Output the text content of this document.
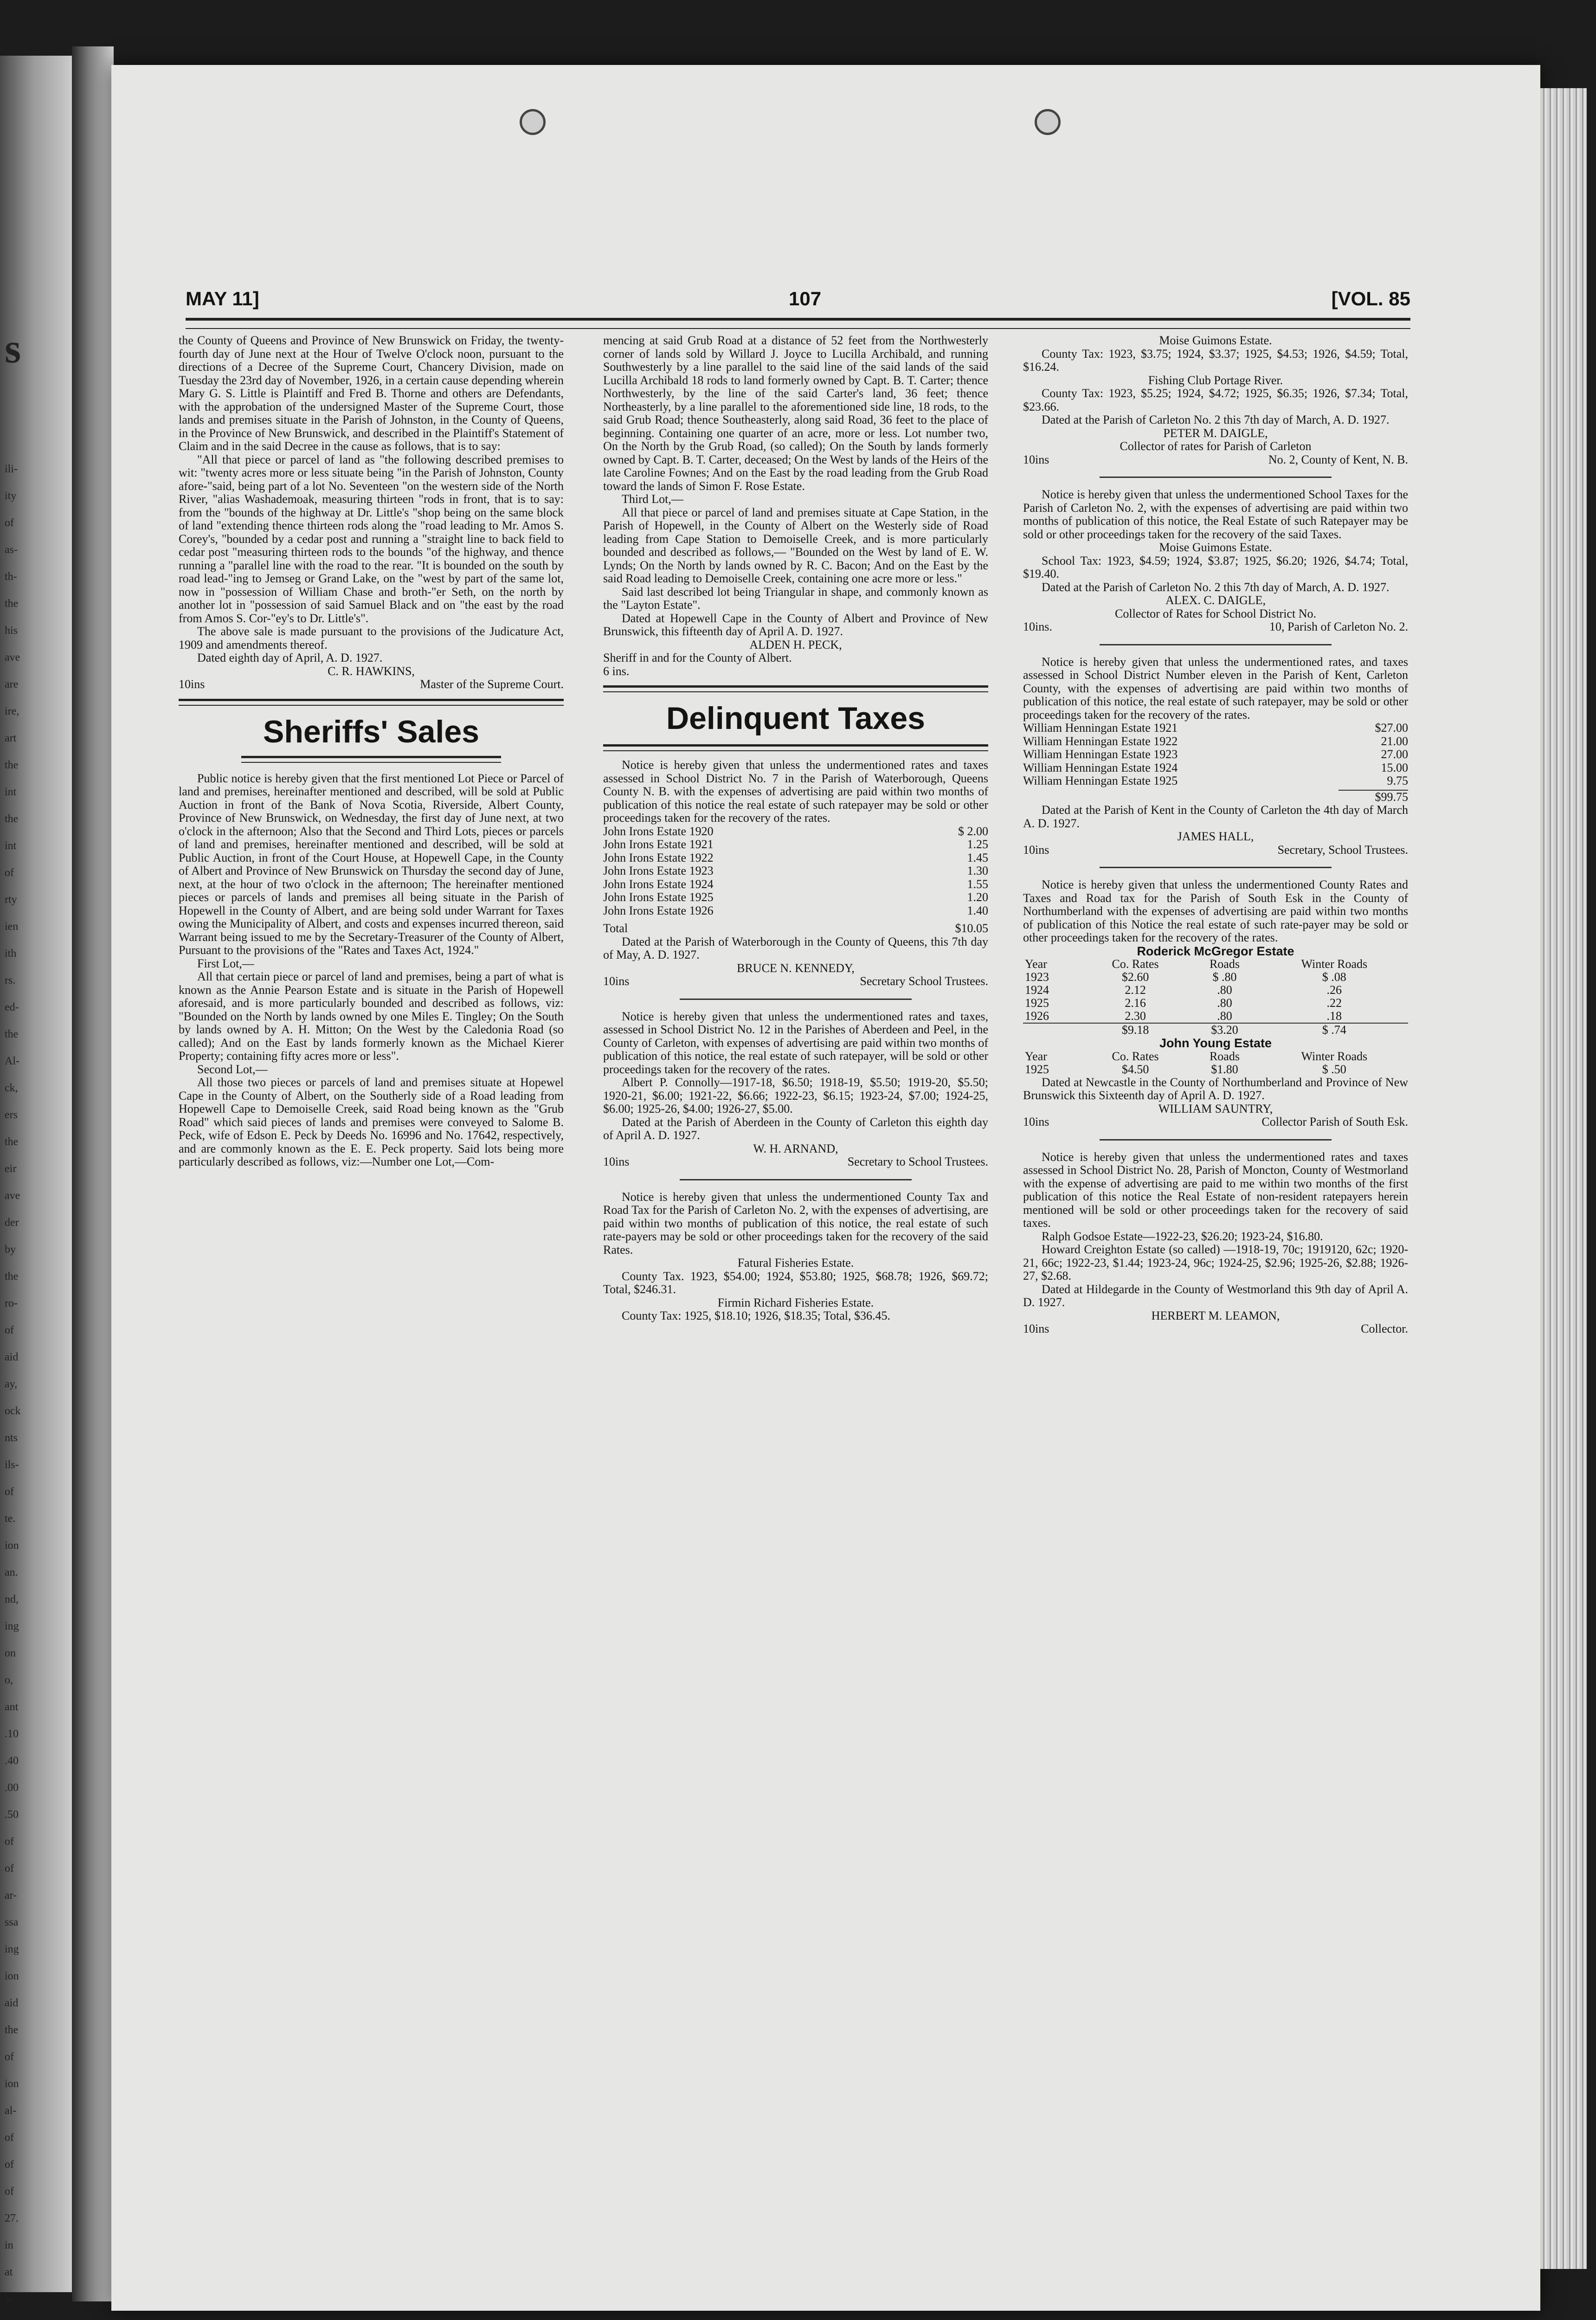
s
ili-
ity
of
as-
th-
the
his
ave
are
ire,
art
the
int
the
int
of
rty
ien
ith
rs.
ed-
the
Al-
ck,
ers
the
eir
ave
der
by
the
ro-
of
aid
ay,
ock
nts
ils-
of
te.
ion
an.
nd,
ing
on
o,
ant
.10
.40
.00
.50
of
of
ar-
ssa
ing
ion
aid
the
of
ion
al-
of
of
of
27.
in
at
ls
MAY 11]	107	[VOL. 85

the County of Queens and Province of New Brunswick on Friday, the twenty-fourth day of June next at the Hour of Twelve O'clock noon, pursuant to the directions of a Decree of the Supreme Court, Chancery Division, made on Tuesday the 23rd day of November, 1926, in a certain cause depending wherein Mary G. S. Little is Plaintiff and Fred B. Thorne and others are Defendants, with the approbation of the undersigned Master of the Supreme Court, those lands and premises situate in the Parish of Johnston, in the County of Queens, in the Province of New Brunswick, and described in the Plaintiff's Statement of Claim and in the said Decree in the cause as follows, that is to say:

"All that piece or parcel of land as "the following described premises to wit: "twenty acres more or less situate being "in the Parish of Johnston, County afore-"said, being part of a lot No. Seventeen "on the western side of the North River, "alias Washademoak, measuring thirteen "rods in front, that is to say: from the "bounds of the highway at Dr. Little's "shop being on the same block of land "extending thence thirteen rods along the "road leading to Mr. Amos S. Corey's, "bounded by a cedar post and running a "straight line to back field to cedar post "measuring thirteen rods to the bounds "of the highway, and thence running a "parallel line with the road to the rear. "It is bounded on the south by road lead-"ing to Jemseg or Grand Lake, on the "west by part of the same lot, now in "possession of William Chase and broth-"er Seth, on the north by another lot in "possession of said Samuel Black and on "the east by the road from Amos S. Cor-"ey's to Dr. Little's".

The above sale is made pursuant to the provisions of the Judicature Act, 1909 and amendments thereof.

Dated eighth day of April, A. D. 1927.

C. R. HAWKINS,

10ins	Master of the Supreme Court.
Sheriffs' Sales

Public notice is hereby given that the first mentioned Lot Piece or Parcel of land and premises, hereinafter mentioned and described, will be sold at Public Auction in front of the Bank of Nova Scotia, Riverside, Albert County, Province of New Brunswick, on Wednesday, the first day of June next, at two o'clock in the afternoon; Also that the Second and Third Lots, pieces or parcels of land and premises, hereinafter mentioned and described, will be sold at Public Auction, in front of the Court House, at Hopewell Cape, in the County of Albert and Province of New Brunswick on Thursday the second day of June, next, at the hour of two o'clock in the afternoon; The hereinafter mentioned pieces or parcels of lands and premises all being situate in the Parish of Hopewell in the County of Albert, and are being sold under Warrant for Taxes owing the Municipality of Albert, and costs and expenses incurred thereon, said Warrant being issued to me by the Secretary-Treasurer of the County of Albert, Pursuant to the provisions of the "Rates and Taxes Act, 1924."

First Lot,—

All that certain piece or parcel of land and premises, being a part of what is known as the Annie Pearson Estate and is situate in the Parish of Hopewell aforesaid, and is more particularly bounded and described as follows, viz: "Bounded on the North by lands owned by one Miles E. Tingley; On the South by lands owned by A. H. Mitton; On the West by the Caledonia Road (so called); And on the East by lands formerly known as the Michael Kierer Property; containing fifty acres more or less".

Second Lot,—

All those two pieces or parcels of land and premises situate at Hopewel Cape in the County of Albert, on the Southerly side of a Road leading from Hopewell Cape to Demoiselle Creek, said Road being known as the "Grub Road" which said pieces of lands and premises were conveyed to Salome B. Peck, wife of Edson E. Peck by Deeds No. 16996 and No. 17642, respectively, and are commonly known as the E. E. Peck property. Said lots being more particularly described as follows, viz:—Number one Lot,—Com-

mencing at said Grub Road at a distance of 52 feet from the Northwesterly corner of lands sold by Willard J. Joyce to Lucilla Archibald, and running Southwesterly by a line parallel to the said line of the said lands of the said Lucilla Archibald 18 rods to land formerly owned by Capt. B. T. Carter; thence Northwesterly, by the line of the said Carter's land, 36 feet; thence Northeasterly, by a line parallel to the aforementioned side line, 18 rods, to the said Grub Road; thence Southeasterly, along said Road, 36 feet to the place of beginning. Containing one quarter of an acre, more or less. Lot number two, On the North by the Grub Road, (so called); On the South by lands formerly owned by Capt. B. T. Carter, deceased; On the West by lands of the Heirs of the late Caroline Fownes; And on the East by the road leading from the Grub Road toward the lands of Simon F. Rose Estate.

Third Lot,—

All that piece or parcel of land and premises situate at Cape Station, in the Parish of Hopewell, in the County of Albert on the Westerly side of Road leading from Cape Station to Demoiselle Creek, and is more particularly bounded and described as follows,— "Bounded on the West by land of E. W. Lynds; On the North by lands owned by R. C. Bacon; And on the East by the said Road leading to Demoiselle Creek, containing one acre more or less."

Said last described lot being Triangular in shape, and commonly known as the "Layton Estate".

Dated at Hopewell Cape in the County of Albert and Province of New Brunswick, this fifteenth day of April A. D. 1927.

ALDEN H. PECK,

Sheriff in and for the County of Albert.

6 ins.

Delinquent Taxes

Notice is hereby given that unless the undermentioned rates and taxes assessed in School District No. 7 in the Parish of Waterborough, Queens County N. B. with the expenses of advertising are paid within two months of publication of this notice the real estate of such ratepayer may be sold or other proceedings taken for the recovery of the rates.

John Irons Estate 1920	$ 2.00
John Irons Estate 1921	1.25
John Irons Estate 1922	1.45
John Irons Estate 1923	1.30
John Irons Estate 1924	1.55
John Irons Estate 1925	1.20
John Irons Estate 1926	1.40
Total	$10.05

Dated at the Parish of Waterborough in the County of Queens, this 7th day of May, A. D. 1927.

BRUCE N. KENNEDY,

10ins	Secretary School Trustees.

Notice is hereby given that unless the undermentioned rates and taxes, assessed in School District No. 12 in the Parishes of Aberdeen and Peel, in the County of Carleton, with expenses of advertising are paid within two months of publication of this notice, the real estate of such ratepayer, will be sold or other proceedings taken for the recovery of the rates.

Albert P. Connolly—1917-18, $6.50; 1918-19, $5.50; 1919-20, $5.50; 1920-21, $6.00; 1921-22, $6.66; 1922-23, $6.15; 1923-24, $7.00; 1924-25, $6.00; 1925-26, $4.00; 1926-27, $5.00.

Dated at the Parish of Aberdeen in the County of Carleton this eighth day of April A. D. 1927.

W. H. ARNAND,

10ins	Secretary to School Trustees.

Notice is hereby given that unless the undermentioned County Tax and Road Tax for the Parish of Carleton No. 2, with the expenses of advertising, are paid within two months of publication of this notice, the real estate of such rate-payers may be sold or other proceedings taken for the recovery of the said Rates.

Fatural Fisheries Estate.

County Tax. 1923, $54.00; 1924, $53.80; 1925, $68.78; 1926, $69.72; Total, $246.31.

Firmin Richard Fisheries Estate.

County Tax: 1925, $18.10; 1926, $18.35; Total, $36.45.

Moise Guimons Estate.

County Tax: 1923, $3.75; 1924, $3.37; 1925, $4.53; 1926, $4.59; Total, $16.24.

Fishing Club Portage River.

County Tax: 1923, $5.25; 1924, $4.72; 1925, $6.35; 1926, $7.34; Total, $23.66.

Dated at the Parish of Carleton No. 2 this 7th day of March, A. D. 1927.

PETER M. DAIGLE,

Collector of rates for Parish of Carleton

10ins	No. 2, County of Kent, N. B.

Notice is hereby given that unless the undermentioned School Taxes for the Parish of Carleton No. 2, with the expenses of advertising are paid within two months of publication of this notice, the Real Estate of such Ratepayer may be sold or other proceedings taken for the recovery of the said Taxes.

Moise Guimons Estate.

School Tax: 1923, $4.59; 1924, $3.87; 1925, $6.20; 1926, $4.74; Total, $19.40.

Dated at the Parish of Carleton No. 2 this 7th day of March, A. D. 1927.

ALEX. C. DAIGLE,

Collector of Rates for School District No.

10ins.	10, Parish of Carleton No. 2.

Notice is hereby given that unless the undermentioned rates, and taxes assessed in School District Number eleven in the Parish of Kent, Carleton County, with the expenses of advertising are paid within two months of publication of this notice, the real estate of such ratepayer, may be sold or other proceedings taken for the recovery of the rates.

William Henningan Estate 1921	$27.00
William Henningan Estate 1922	21.00
William Henningan Estate 1923	27.00
William Henningan Estate 1924	15.00
William Henningan Estate 1925	9.75

$99.75

Dated at the Parish of Kent in the County of Carleton the 4th day of March A. D. 1927.

JAMES HALL,

10ins	Secretary, School Trustees.

Notice is hereby given that unless the undermentioned County Rates and Taxes and Road tax for the Parish of South Esk in the County of Northumberland with the expenses of advertising are paid within two months of publication of this Notice the real estate of such rate-payer may be sold or other proceedings taken for the recovery of the rates.

Roderick McGregor Estate
Year	Co. Rates	Roads	Winter Roads
1923	$2.60	$ .80	$ .08
1924	2.12	.80	.26
1925	2.16	.80	.22
1926	2.30	.80	.18
	$9.18	$3.20	$ .74
John Young Estate
Year	Co. Rates	Roads	Winter Roads
1925	$4.50	$1.80	$ .50

Dated at Newcastle in the County of Northumberland and Province of New Brunswick this Sixteenth day of April A. D. 1927.

WILLIAM SAUNTRY,

10ins	Collector Parish of South Esk.

Notice is hereby given that unless the undermentioned rates and taxes assessed in School District No. 28, Parish of Moncton, County of Westmorland with the expense of advertising are paid to me within two months of the first publication of this notice the Real Estate of non-resident ratepayers herein mentioned will be sold or other proceedings taken for the recovery of said taxes.

Ralph Godsoe Estate—1922-23, $26.20; 1923-24, $16.80.

Howard Creighton Estate (so called) —1918-19, 70c; 1919120, 62c; 1920-21, 66c; 1922-23, $1.44; 1923-24, 96c; 1924-25, $2.96; 1925-26, $2.88; 1926-27, $2.68.

Dated at Hildegarde in the County of Westmorland this 9th day of April A. D. 1927.

HERBERT M. LEAMON,

10ins	Collector.
